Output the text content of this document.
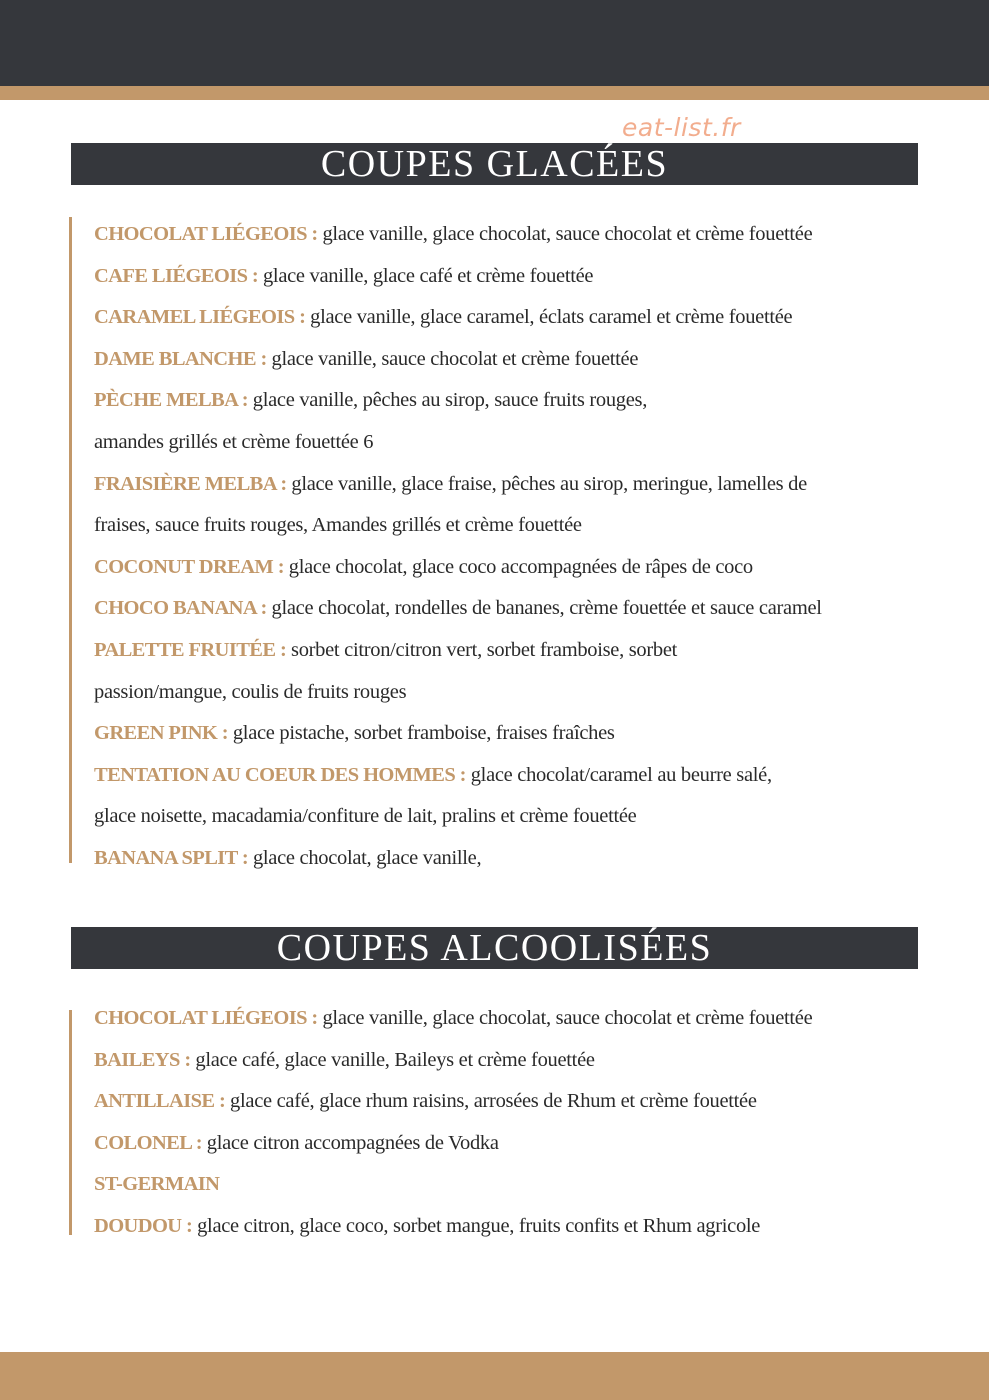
eat-list.fr
COUPES GLACÉES
CHOCOLAT LIÉGEOIS : glace vanille, glace chocolat, sauce chocolat et crème fouettée
CAFE LIÉGEOIS : glace vanille, glace café et crème fouettée
CARAMEL LIÉGEOIS : glace vanille, glace caramel, éclats caramel et crème fouettée
DAME BLANCHE : glace vanille, sauce chocolat et crème fouettée
PÈCHE MELBA : glace vanille, pêches au sirop, sauce fruits rouges,
amandes grillés et crème fouettée 6
FRAISIÈRE MELBA : glace vanille, glace fraise, pêches au sirop, meringue, lamelles de
fraises, sauce fruits rouges, Amandes grillés et crème fouettée
COCONUT DREAM : glace chocolat, glace coco accompagnées de râpes de coco
CHOCO BANANA : glace chocolat, rondelles de bananes, crème fouettée et sauce caramel
PALETTE FRUITÉE : sorbet citron/citron vert, sorbet framboise, sorbet
passion/mangue, coulis de fruits rouges
GREEN PINK : glace pistache, sorbet framboise, fraises fraîches
TENTATION AU COEUR DES HOMMES : glace chocolat/caramel au beurre salé,
glace noisette, macadamia/confiture de lait, pralins et crème fouettée
BANANA SPLIT : glace chocolat, glace vanille,
COUPES ALCOOLISÉES
CHOCOLAT LIÉGEOIS : glace vanille, glace chocolat, sauce chocolat et crème fouettée
BAILEYS : glace café, glace vanille, Baileys et crème fouettée
ANTILLAISE : glace café, glace rhum raisins, arrosées de Rhum et crème fouettée
COLONEL : glace citron accompagnées de Vodka
ST-GERMAIN
DOUDOU : glace citron, glace coco, sorbet mangue, fruits confits et Rhum agricole
